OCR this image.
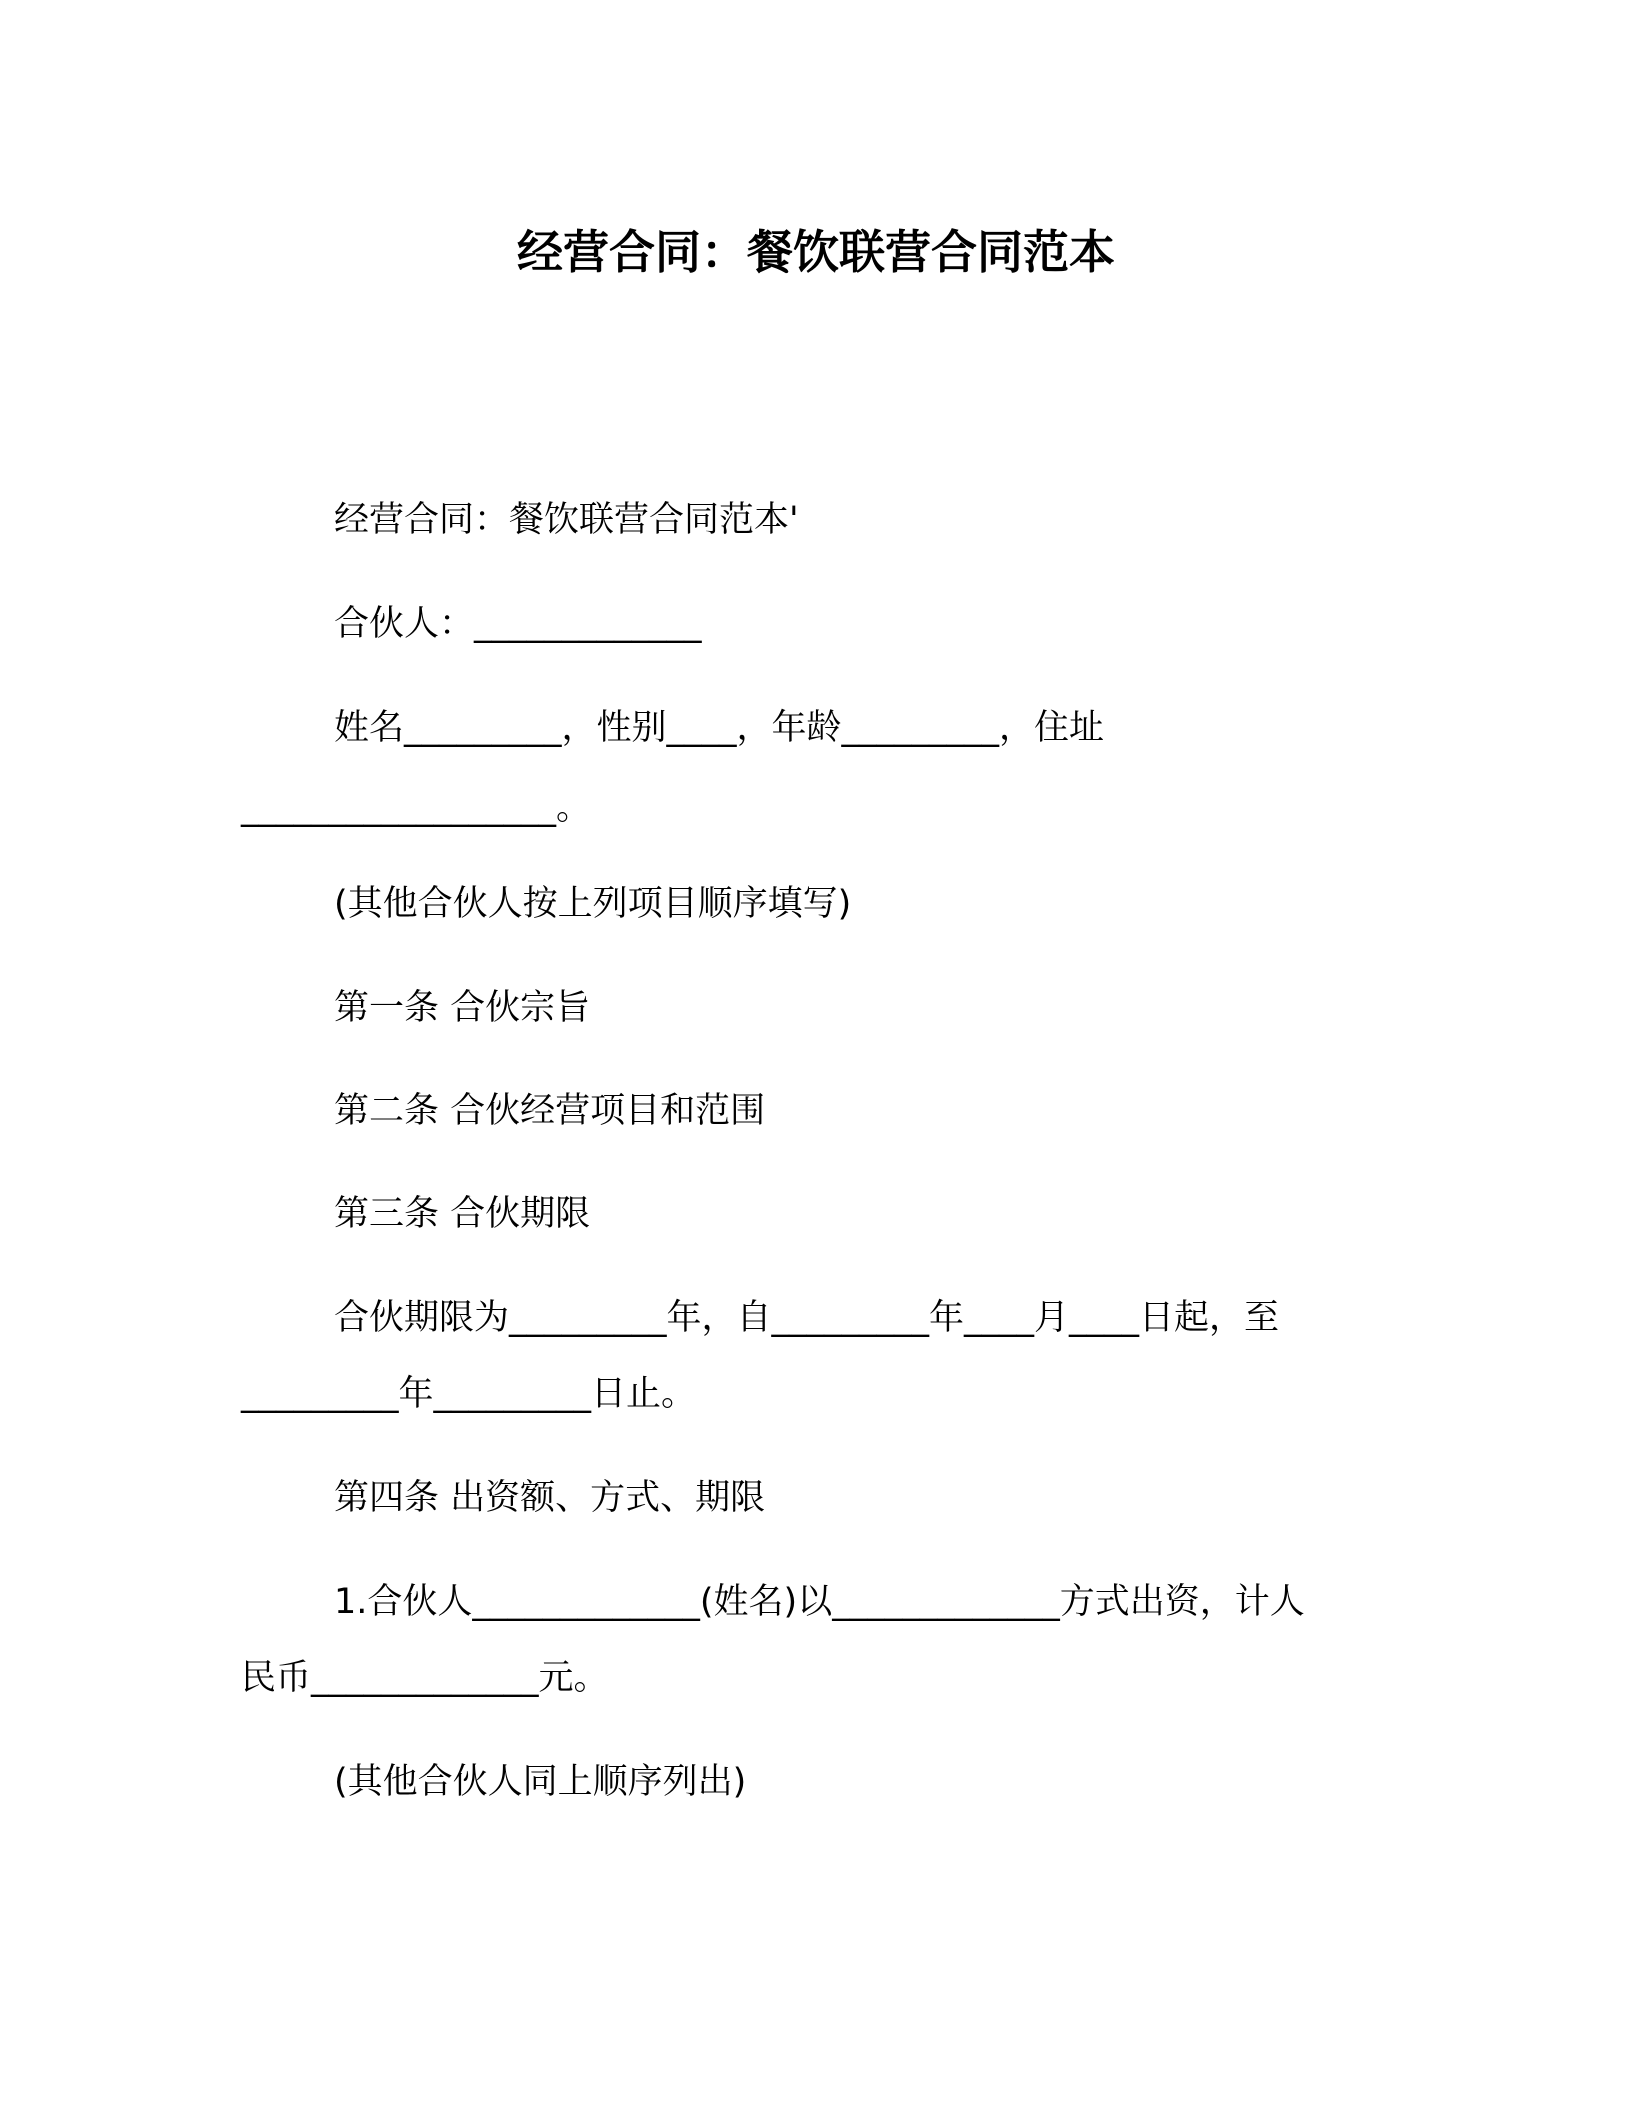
经营合同：餐饮联营合同范本
经营合同：餐饮联营合同范本'
合伙人：_____________
姓名_________，性别____，年龄_________，住址
__________________。
(其他合伙人按上列项目顺序填写)
第一条 合伙宗旨
第二条 合伙经营项目和范围
第三条 合伙期限
合伙期限为_________年，自_________年____月____日起，至
_________年_________日止。
第四条 出资额、方式、期限
1.合伙人_____________(姓名)以_____________方式出资，计人
民币_____________元。
(其他合伙人同上顺序列出)
